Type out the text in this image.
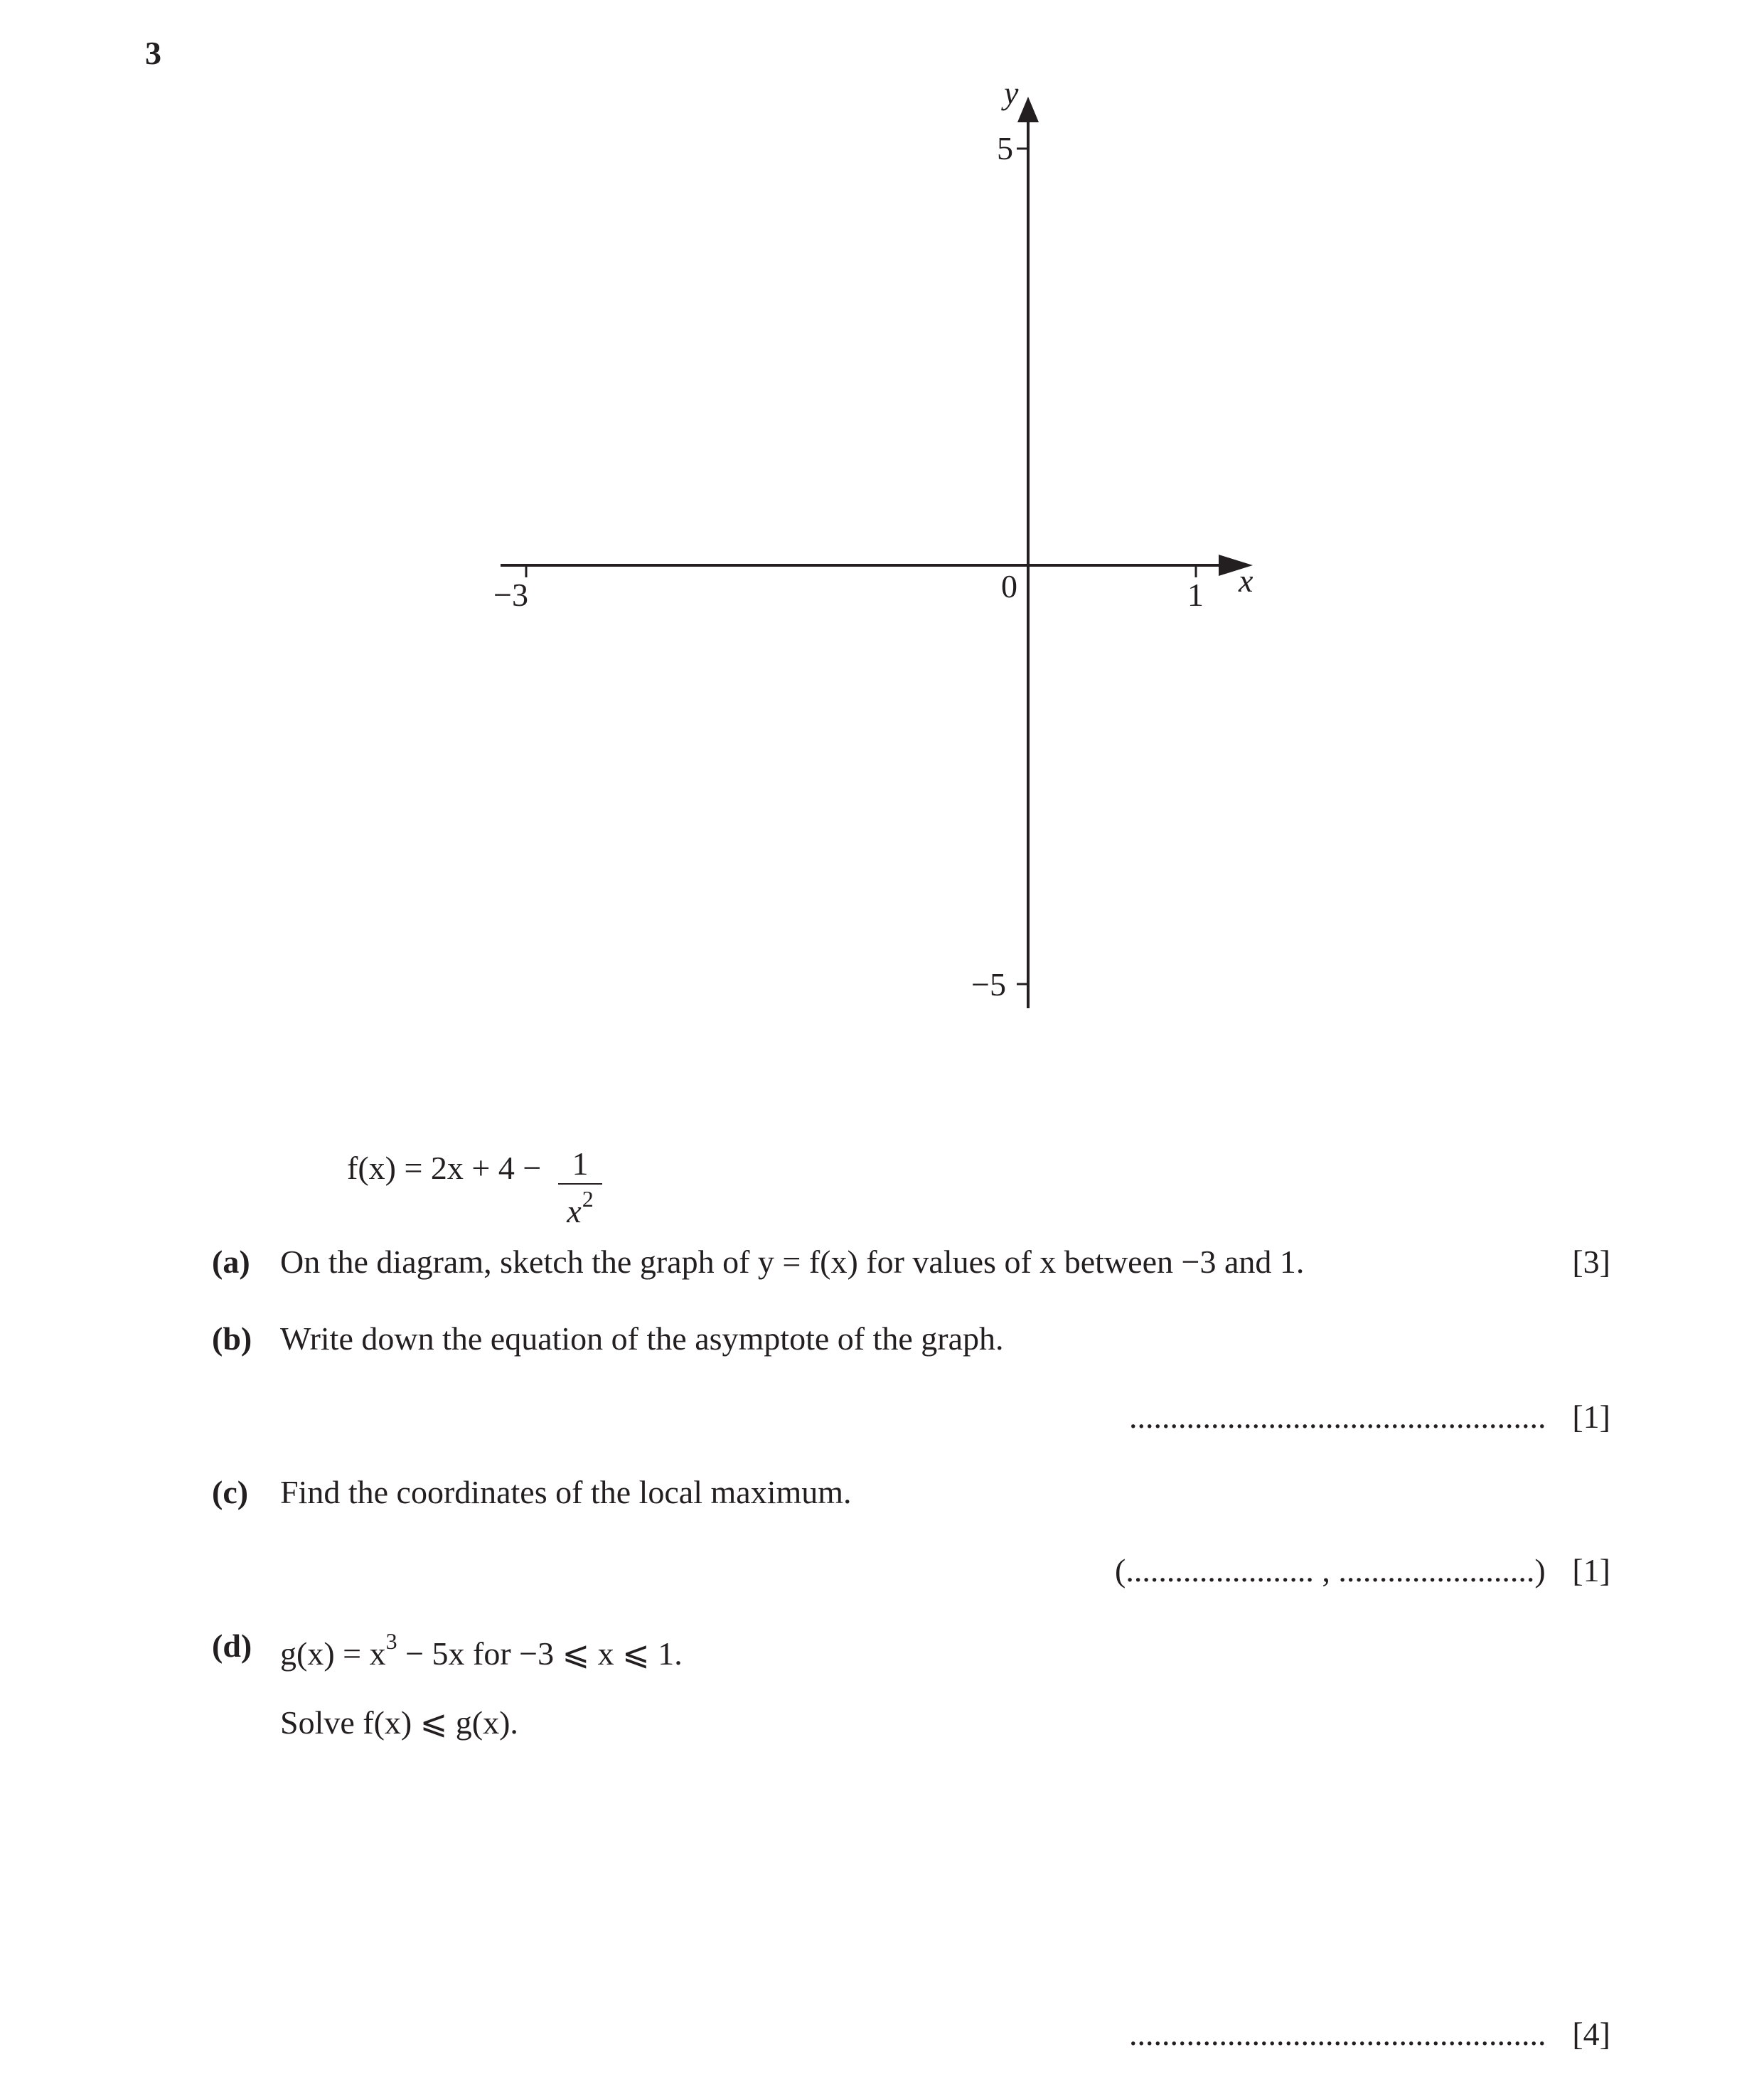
3
−3	0	1
5
−5
x
y
f(x) = 2x + 4 − 1
$x^2$
(a) On the diagram, sketch the graph of y = f(x) for values of x between −3 and 1.	[3]
(b) Write down the equation of the asymptote of the graph.
................................................... [1]
(c) Find the coordinates of the local maximum.
(....................... , ........................) [1]
(d) $g(x) = x^3 - 5x$ for −3 ⩽ x ⩽ 1.
Solve f(x) ⩽ g(x).
................................................... [4]
